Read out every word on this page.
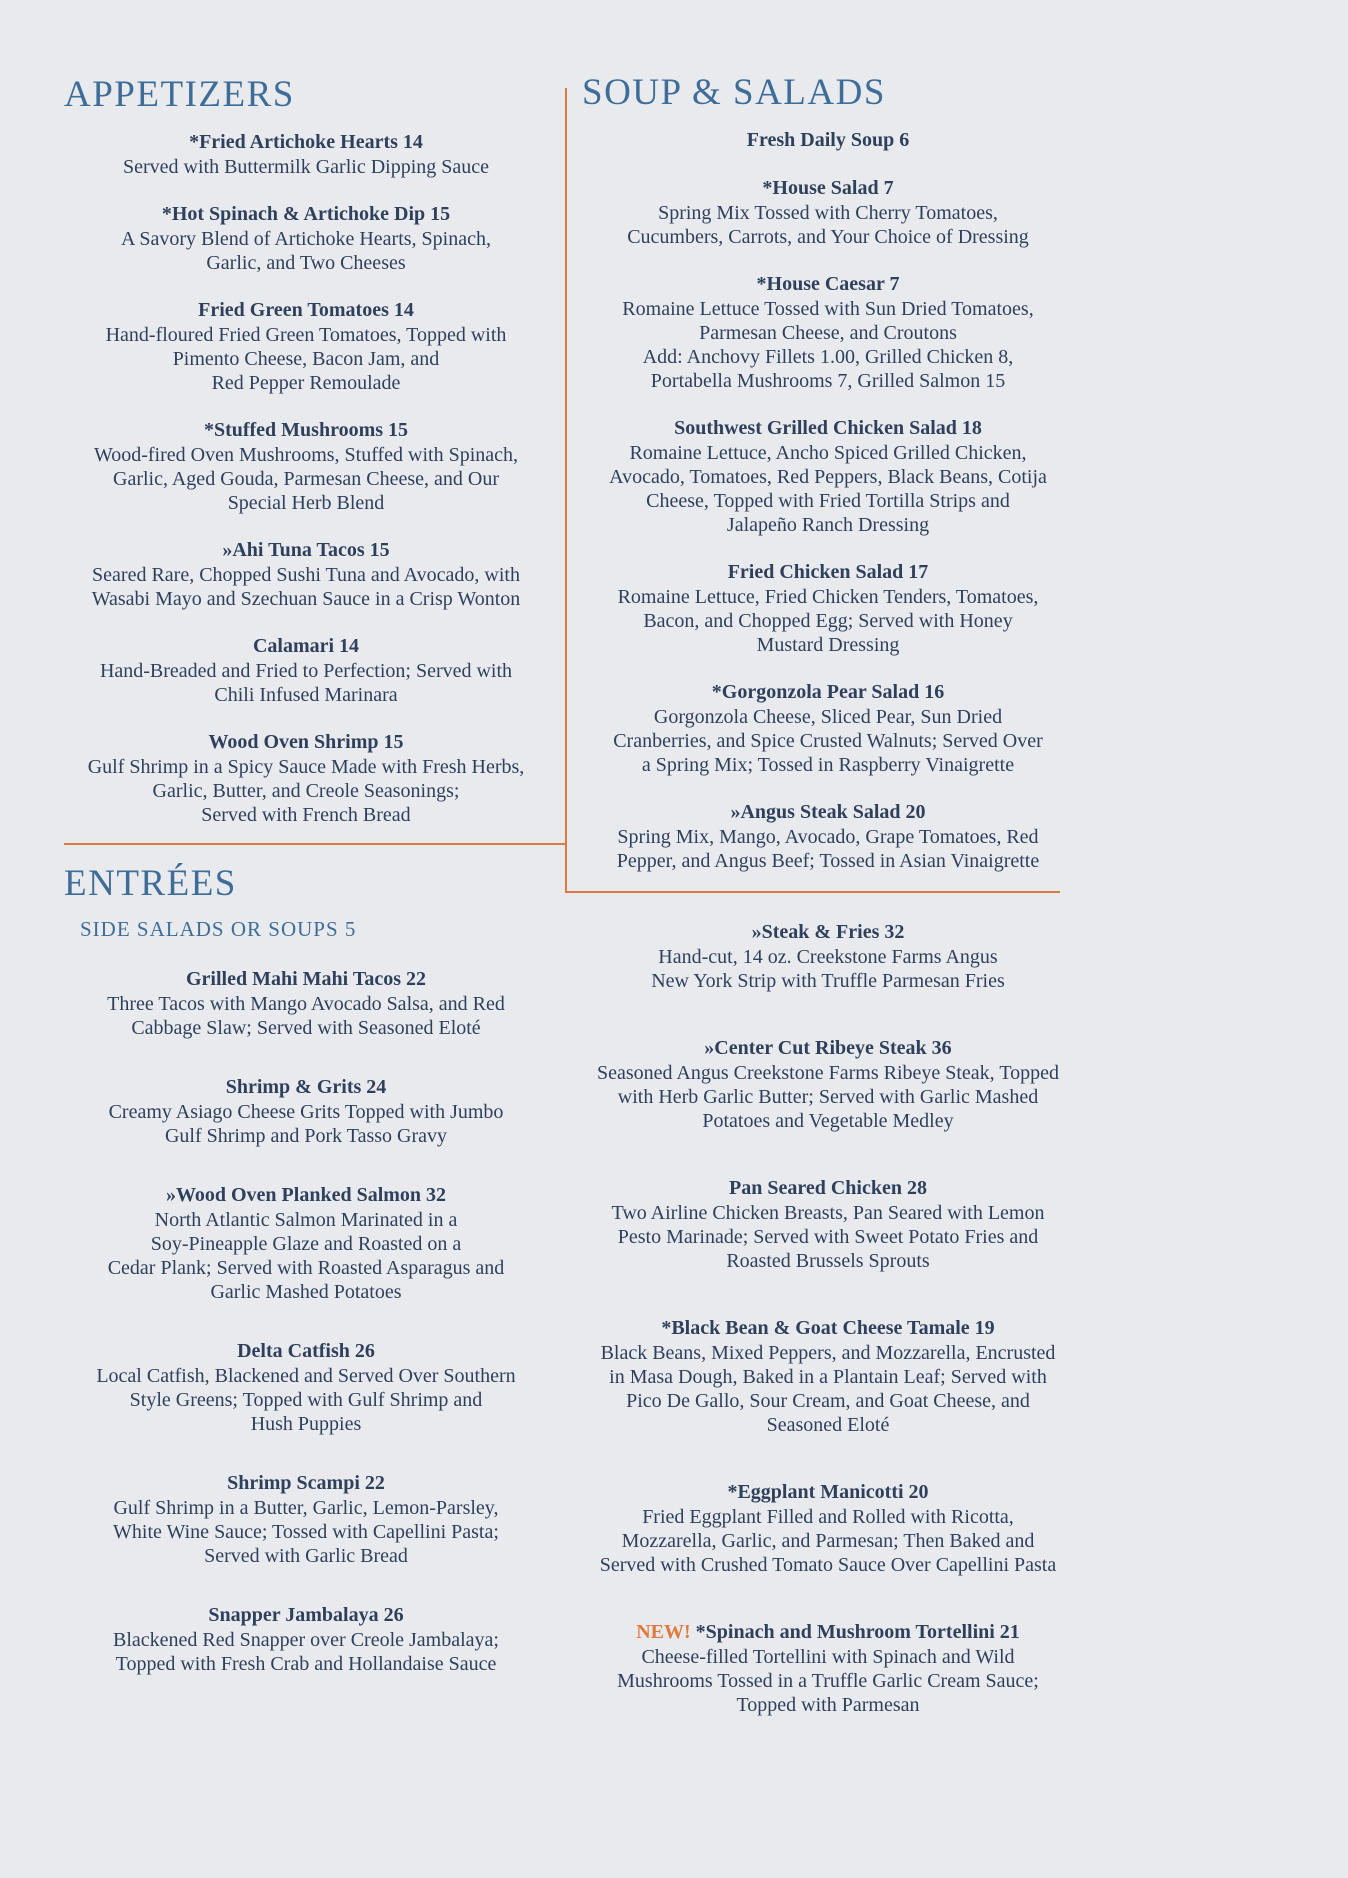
APPETIZERS
*Fried Artichoke Hearts 14
Served with Buttermilk Garlic Dipping Sauce
*Hot Spinach & Artichoke Dip 15
A Savory Blend of Artichoke Hearts, Spinach,
Garlic, and Two Cheeses
Fried Green Tomatoes 14
Hand-floured Fried Green Tomatoes, Topped with
Pimento Cheese, Bacon Jam, and
Red Pepper Remoulade
*Stuffed Mushrooms 15
Wood-fired Oven Mushrooms, Stuffed with Spinach,
Garlic, Aged Gouda, Parmesan Cheese, and Our
Special Herb Blend
»Ahi Tuna Tacos 15
Seared Rare, Chopped Sushi Tuna and Avocado, with
Wasabi Mayo and Szechuan Sauce in a Crisp Wonton
Calamari 14
Hand-Breaded and Fried to Perfection; Served with
Chili Infused Marinara
Wood Oven Shrimp 15
Gulf Shrimp in a Spicy Sauce Made with Fresh Herbs,
Garlic, Butter, and Creole Seasonings;
Served with French Bread
ENTRÉES
SIDE SALADS OR SOUPS 5
Grilled Mahi Mahi Tacos 22
Three Tacos with Mango Avocado Salsa, and Red
Cabbage Slaw; Served with Seasoned Eloté
Shrimp & Grits 24
Creamy Asiago Cheese Grits Topped with Jumbo
Gulf Shrimp and Pork Tasso Gravy
»Wood Oven Planked Salmon 32
North Atlantic Salmon Marinated in a
Soy-Pineapple Glaze and Roasted on a
Cedar Plank; Served with Roasted Asparagus and
Garlic Mashed Potatoes
Delta Catfish 26
Local Catfish, Blackened and Served Over Southern
Style Greens; Topped with Gulf Shrimp and
Hush Puppies
Shrimp Scampi 22
Gulf Shrimp in a Butter, Garlic, Lemon-Parsley,
White Wine Sauce; Tossed with Capellini Pasta;
Served with Garlic Bread
Snapper Jambalaya 26
Blackened Red Snapper over Creole Jambalaya;
Topped with Fresh Crab and Hollandaise Sauce
SOUP & SALADS
Fresh Daily Soup 6
*House Salad 7
Spring Mix Tossed with Cherry Tomatoes,
Cucumbers, Carrots, and Your Choice of Dressing
*House Caesar 7
Romaine Lettuce Tossed with Sun Dried Tomatoes,
Parmesan Cheese, and Croutons
Add: Anchovy Fillets 1.00, Grilled Chicken 8,
Portabella Mushrooms 7, Grilled Salmon 15
Southwest Grilled Chicken Salad 18
Romaine Lettuce, Ancho Spiced Grilled Chicken,
Avocado, Tomatoes, Red Peppers, Black Beans, Cotija
Cheese, Topped with Fried Tortilla Strips and
Jalapeño Ranch Dressing
Fried Chicken Salad 17
Romaine Lettuce, Fried Chicken Tenders, Tomatoes,
Bacon, and Chopped Egg; Served with Honey
Mustard Dressing
*Gorgonzola Pear Salad 16
Gorgonzola Cheese, Sliced Pear, Sun Dried
Cranberries, and Spice Crusted Walnuts; Served Over
a Spring Mix; Tossed in Raspberry Vinaigrette
»Angus Steak Salad 20
Spring Mix, Mango, Avocado, Grape Tomatoes, Red
Pepper, and Angus Beef; Tossed in Asian Vinaigrette
»Steak & Fries 32
Hand-cut, 14 oz. Creekstone Farms Angus
New York Strip with Truffle Parmesan Fries
»Center Cut Ribeye Steak 36
Seasoned Angus Creekstone Farms Ribeye Steak, Topped
with Herb Garlic Butter; Served with Garlic Mashed
Potatoes and Vegetable Medley
Pan Seared Chicken 28
Two Airline Chicken Breasts, Pan Seared with Lemon
Pesto Marinade; Served with Sweet Potato Fries and
Roasted Brussels Sprouts
*Black Bean & Goat Cheese Tamale 19
Black Beans, Mixed Peppers, and Mozzarella, Encrusted
in Masa Dough, Baked in a Plantain Leaf; Served with
Pico De Gallo, Sour Cream, and Goat Cheese, and
Seasoned Eloté
*Eggplant Manicotti 20
Fried Eggplant Filled and Rolled with Ricotta,
Mozzarella, Garlic, and Parmesan; Then Baked and
Served with Crushed Tomato Sauce Over Capellini Pasta
NEW! *Spinach and Mushroom Tortellini 21
Cheese-filled Tortellini with Spinach and Wild
Mushrooms Tossed in a Truffle Garlic Cream Sauce;
Topped with Parmesan
